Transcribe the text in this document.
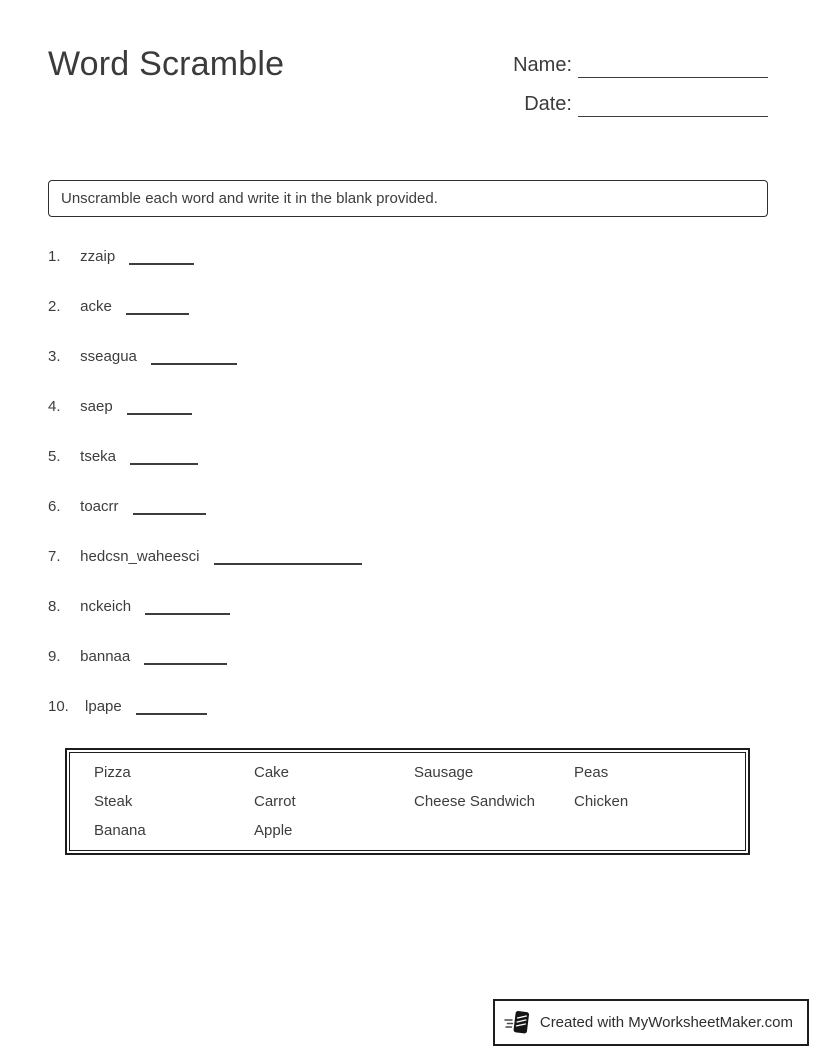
Word Scramble	Name:
Date:
Unscramble each word and write it in the blank provided.
1. zzaip
2. acke
3. sseagua
4. saep
5. tseka
6. toacrr
7. hedcsn_waheesci
8. nckeich
9. bannaa
10. lpape
Pizza	Cake	Sausage	Peas
Steak	Carrot	Cheese Sandwich	Chicken
Banana	Apple
Created with MyWorksheetMaker.com
